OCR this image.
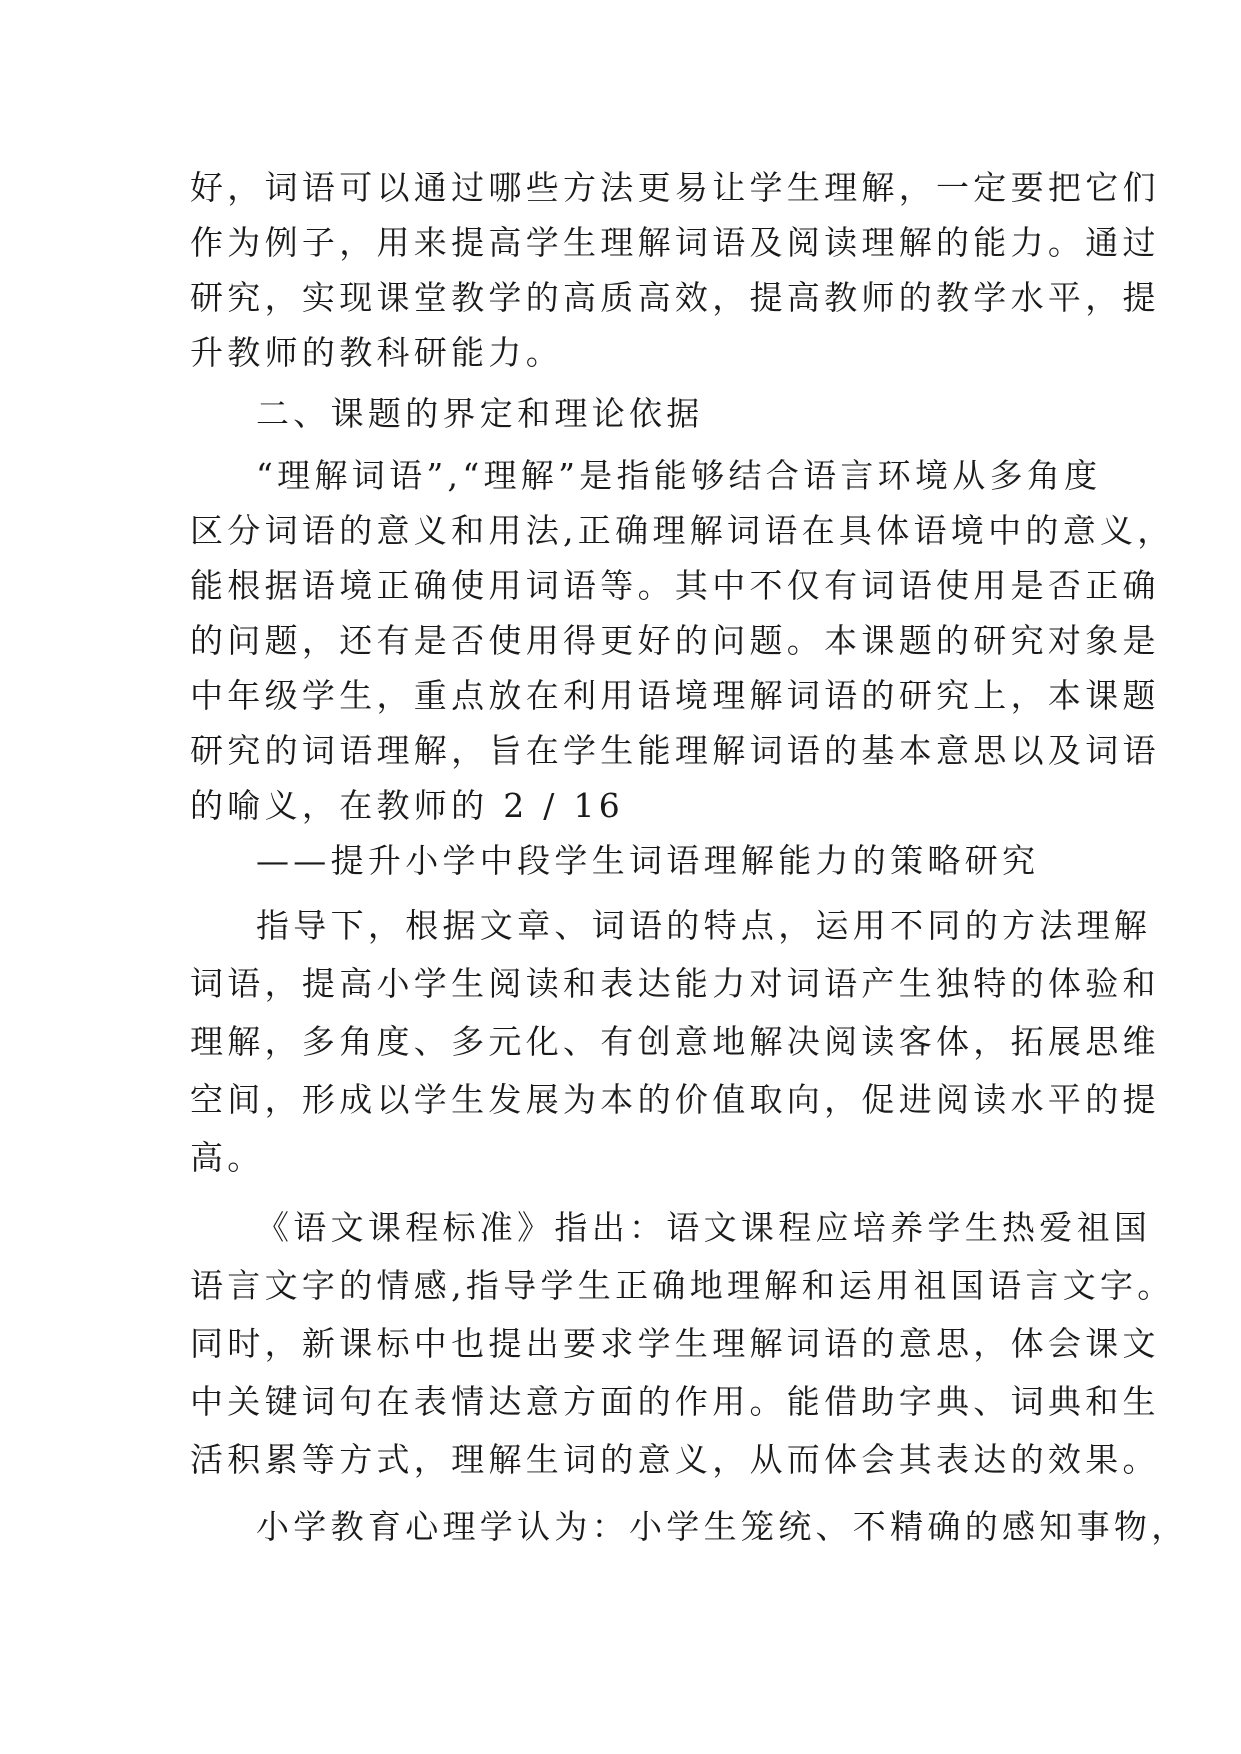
好，词语可以通过哪些方法更易让学生理解，一定要把它们
作为例子，用来提高学生理解词语及阅读理解的能力。通过
研究，实现课堂教学的高质高效，提高教师的教学水平，提
升教师的教科研能力。
二、课题的界定和理论依据
“理解词语”,“理解”是指能够结合语言环境从多角度
区分词语的意义和用法,正确理解词语在具体语境中的意义，
能根据语境正确使用词语等。其中不仅有词语使用是否正确
的问题，还有是否使用得更好的问题。本课题的研究对象是
中年级学生，重点放在利用语境理解词语的研究上，本课题
研究的词语理解，旨在学生能理解词语的基本意思以及词语
的喻义，在教师的 2 / 16
——提升小学中段学生词语理解能力的策略研究
指导下，根据文章、词语的特点，运用不同的方法理解
词语，提高小学生阅读和表达能力对词语产生独特的体验和
理解，多角度、多元化、有创意地解决阅读客体，拓展思维
空间，形成以学生发展为本的价值取向，促进阅读水平的提
高。
《语文课程标准》指出：语文课程应培养学生热爱祖国
语言文字的情感,指导学生正确地理解和运用祖国语言文字。
同时，新课标中也提出要求学生理解词语的意思，体会课文
中关键词句在表情达意方面的作用。能借助字典、词典和生
活积累等方式，理解生词的意义，从而体会其表达的效果。
小学教育心理学认为：小学生笼统、不精确的感知事物，
